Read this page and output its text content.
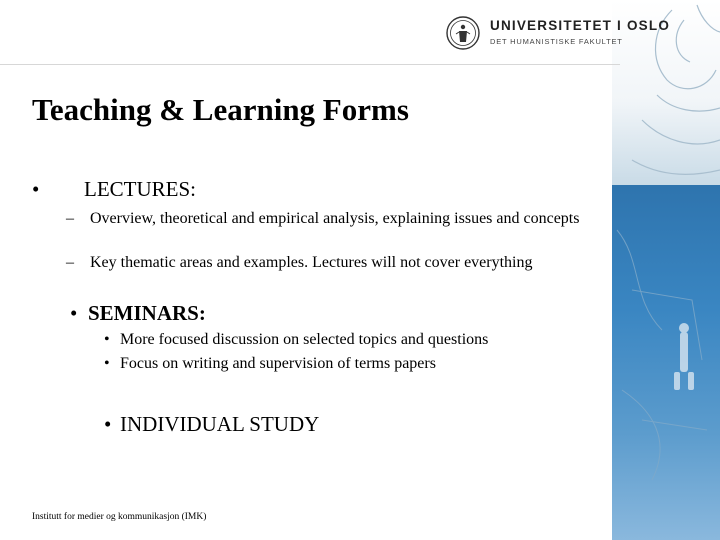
UNIVERSITETET I OSLO
DET HUMANISTISKE FAKULTET
Teaching & Learning Forms
• LECTURES:
– Overview, theoretical and empirical analysis, explaining issues and concepts
– Key thematic areas and examples. Lectures will not cover everything
• SEMINARS:
• More focused discussion on selected topics and questions
• Focus on writing and supervision of terms papers
• INDIVIDUAL STUDY
Institutt for medier og kommunikasjon (IMK)
